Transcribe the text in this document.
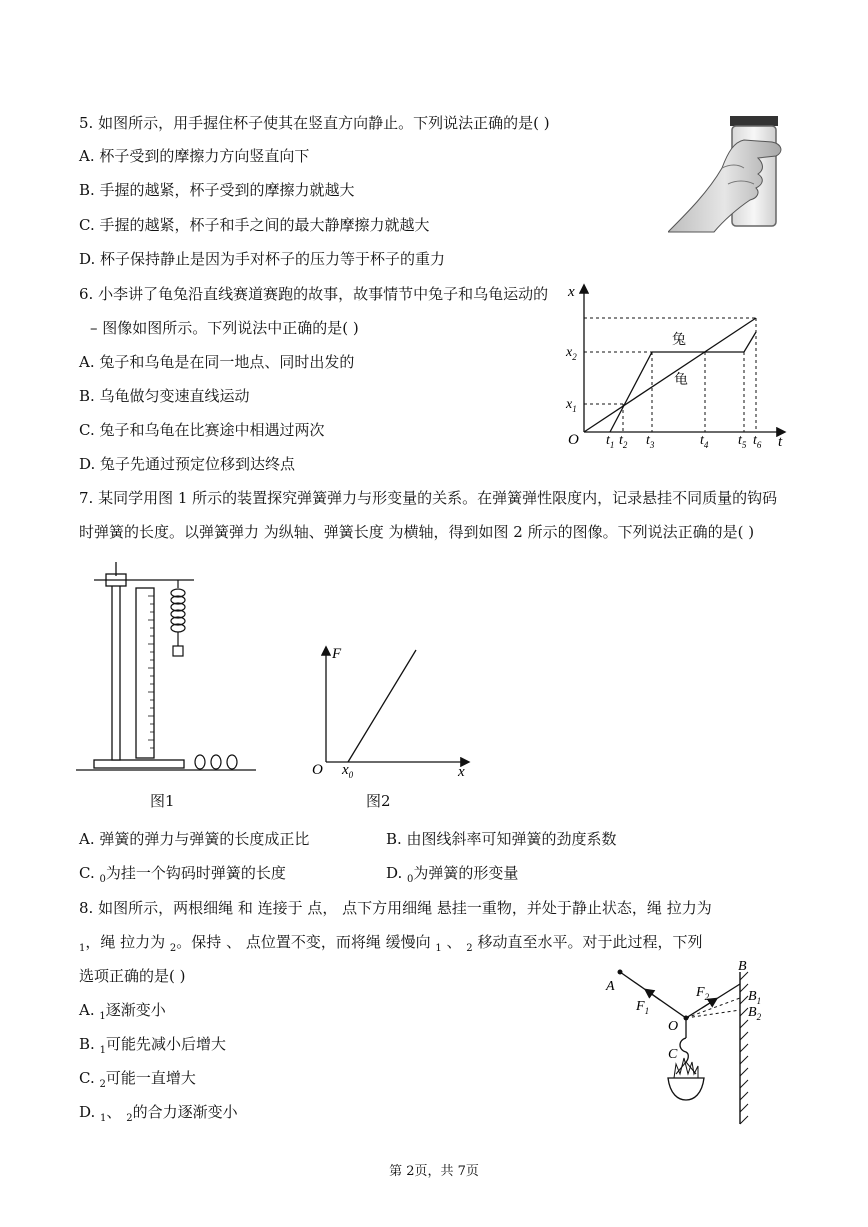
5. 如图所示，用手握住杯子使其在竖直方向静止。下列说法正确的是( )
A. 杯子受到的摩擦力方向竖直向下
B. 手握的越紧，杯子受到的摩擦力就越大
C. 手握的越紧，杯子和手之间的最大静摩擦力就越大
D. 杯子保持静止是因为手对杯子的压力等于杯子的重力
6. 小李讲了龟兔沿直线赛道赛跑的故事，故事情节中兔子和乌龟运动的
– 图像如图所示。下列说法中正确的是( )
A. 兔子和乌龟是在同一地点、同时出发的
B. 乌龟做匀变速直线运动
C. 兔子和乌龟在比赛途中相遇过两次
D. 兔子先通过预定位移到达终点
x
t
O
兔
龟
$x_2$
$x_1$
$t_1$ $t_2$ $t_3$	$t_4$ $t_5$ $t_6$
7. 某同学用图 1 所示的装置探究弹簧弹力与形变量的关系。在弹簧弹性限度内，记录悬挂不同质量的钩码
时弹簧的长度。以弹簧弹力 为纵轴、弹簧长度 为横轴，得到如图 2 所示的图像。下列说法正确的是( )
图1
F
x
O $x_0$
图2
A. 弹簧的弹力与弹簧的长度成正比	B. 由图线斜率可知弹簧的劲度系数
C. $_0$为挂一个钩码时弹簧的长度	D. $_0$为弹簧的形变量
8. 如图所示，两根细绳 和 连接于 点， 点下方用细绳 悬挂一重物，并处于静止状态，绳 拉力为
$_1$，绳 拉力为 $_2$。保持 、 点位置不变，而将绳 缓慢向 $_1$ 、 $_2$ 移动直至水平。对于此过程，下列
选项正确的是( )
A. $_1$逐渐变小
B. $_1$可能先减小后增大
C. $_2$可能一直增大
D. $_1$、 $_2$的合力逐渐变小
A
B
O
C
$B_1$
$B_2$
$F_1$
$F_2$
第 2页，共 7页
